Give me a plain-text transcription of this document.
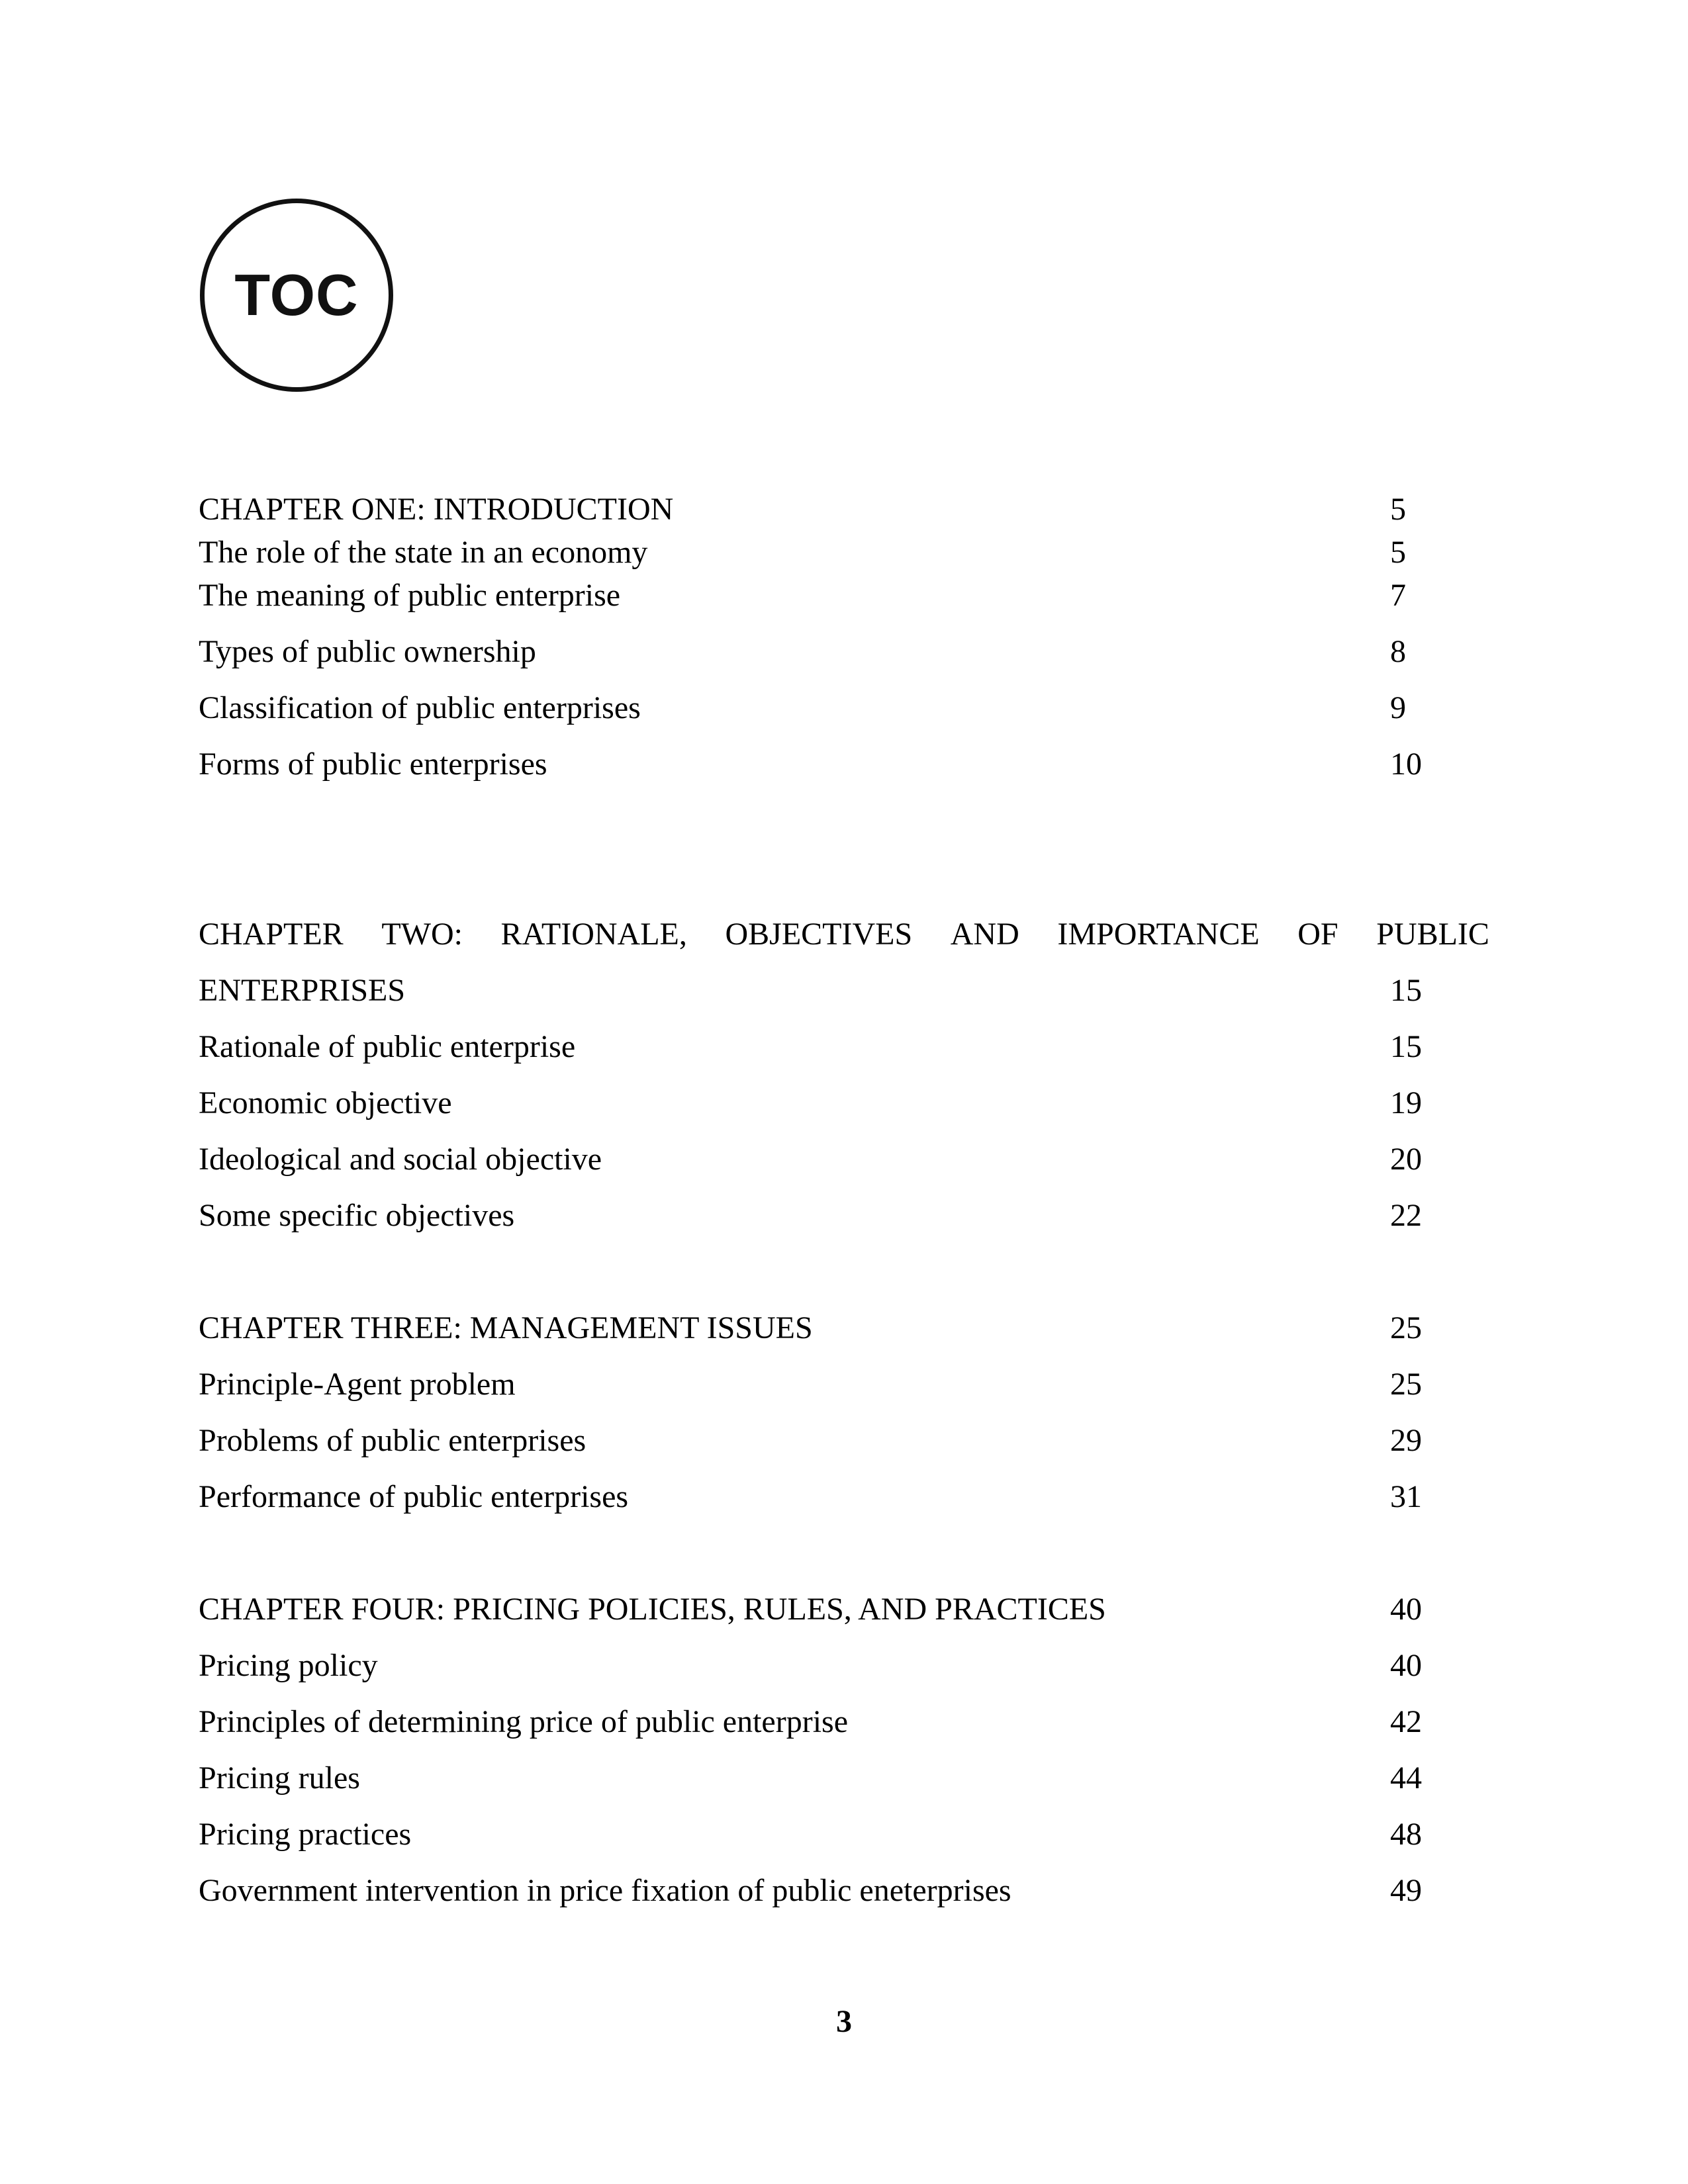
TOC
CHAPTER ONE: INTRODUCTION	5
The role of the state in an economy	5
The meaning of public enterprise	7
Types of public ownership	8
Classification of public enterprises	9
Forms of public enterprises	10
CHAPTER TWO: RATIONALE, OBJECTIVES AND IMPORTANCE OF PUBLIC
ENTERPRISES	15
Rationale of public enterprise	15
Economic objective	19
Ideological and social objective	20
Some specific objectives	22
CHAPTER THREE: MANAGEMENT ISSUES	25
Principle-Agent problem	25
Problems of public enterprises	29
Performance of public enterprises	31
CHAPTER FOUR: PRICING POLICIES, RULES, AND PRACTICES	40
Pricing policy	40
Principles of determining price of public enterprise	42
Pricing rules	44
Pricing practices	48
Government intervention in price fixation of public eneterprises	49
3
